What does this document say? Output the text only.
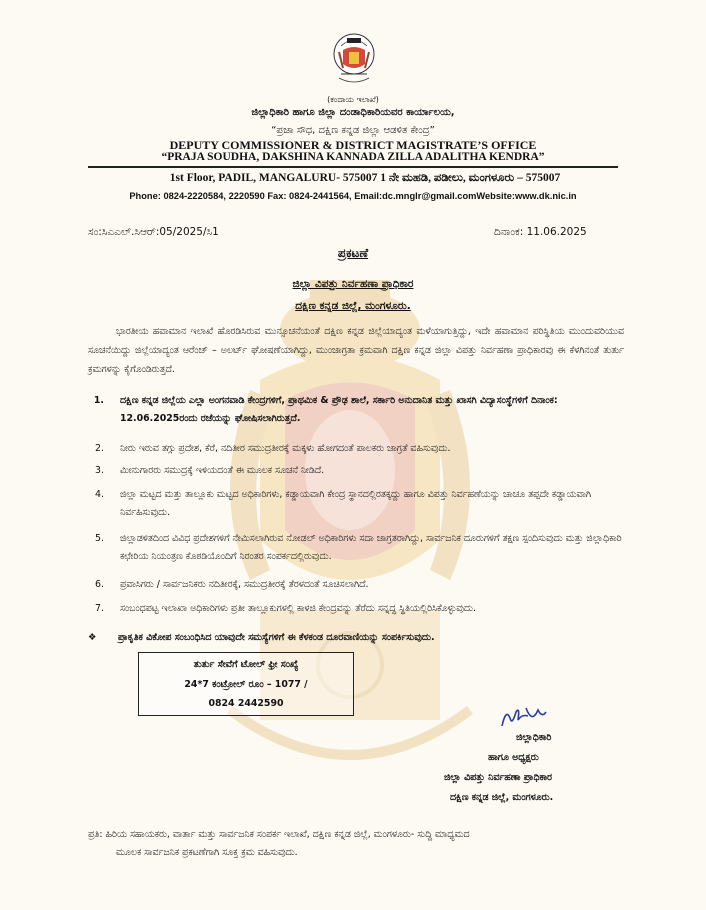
(ಕಂದಾಯ ಇಲಾಖೆ)
ಜಿಲ್ಲಾಧಿಕಾರಿ ಹಾಗೂ ಜಿಲ್ಲಾ ದಂಡಾಧಿಕಾರಿಯವರ ಕಾರ್ಯಾಲಯ,
“ಪ್ರಜಾ ಸೌಧ, ದಕ್ಷಿಣ ಕನ್ನಡ ಜಿಲ್ಲಾ ಆಡಳಿತ ಕೇಂದ್ರ”
DEPUTY COMMISSIONER & DISTRICT MAGISTRATE’S OFFICE
“PRAJA SOUDHA, DAKSHINA KANNADA ZILLA ADALITHA KENDRA”
1st Floor, PADIL, MANGALURU- 575007 1 ನೇ ಮಹಡಿ, ಪಡೀಲು, ಮಂಗಳೂರು – 575007
Phone: 0824-2220584, 2220590 Fax: 0824-2441564, Email:dc.mnglr@gmail.comWebsite:www.dk.nic.in
ಸಂ:ಸಿಎಎಲ್.ಸಿಆರ್:05/2025/ಸಿ1	ದಿನಾಂಕ: 11.06.2025
ಪ್ರಕಟಣೆ
ಜಿಲ್ಲಾ ವಿಪತ್ತು ನಿರ್ವಹಣಾ ಪ್ರಾಧಿಕಾರ
ದಕ್ಷಿಣ ಕನ್ನಡ ಜಿಲ್ಲೆ, ಮಂಗಳೂರು.
ಭಾರತೀಯ ಹವಾಮಾನ ಇಲಾಖೆ ಹೊರಡಿಸಿರುವ ಮುನ್ಸೂಚನೆಯಂತೆ ದಕ್ಷಿಣ ಕನ್ನಡ ಜಿಲ್ಲೆಯಾದ್ಯಂತ ಮಳೆಯಾಗುತ್ತಿದ್ದು, ಇದೇ ಹವಾಮಾನ ಪರಿಸ್ಥಿತಿಯ ಮುಂದುವರಿಯುವ ಸೂಚನೆಯಿದ್ದು ಜಿಲ್ಲೆಯಾದ್ಯಂತ ಆರೆಂಜ್ – ಅಲರ್ಟ್ ಘೋಷಣೆಯಾಗಿದ್ದು, ಮುಂಜಾಗ್ರತಾ ಕ್ರಮವಾಗಿ ದಕ್ಷಿಣ ಕನ್ನಡ ಜಿಲ್ಲಾ ವಿಪತ್ತು ನಿರ್ವಹಣಾ ಪ್ರಾಧಿಕಾರವು ಈ ಕೆಳಗಿನಂತೆ ತುರ್ತು ಕ್ರಮಗಳನ್ನು ಕೈಗೊಂಡಿರುತ್ತದೆ.
1. ದಕ್ಷಿಣ ಕನ್ನಡ ಜಿಲ್ಲೆಯ ಎಲ್ಲಾ ಅಂಗನವಾಡಿ ಕೇಂದ್ರಗಳಿಗೆ, ಪ್ರಾಥಮಿಕ & ಪ್ರೌಢ ಶಾಲೆ, ಸರ್ಕಾರಿ ಅನುದಾನಿತ ಮತ್ತು ಖಾಸಗಿ ವಿದ್ಯಾಸಂಸ್ಥೆಗಳಿಗೆ ದಿನಾಂಕ: 12.06.2025ರಂದು ರಜೆಯನ್ನು ಘೋಷಿಸಲಾಗಿರುತ್ತದೆ.
2. ನೀರು ಇರುವ ತಗ್ಗು ಪ್ರದೇಶ, ಕೆರೆ, ನದಿತೀರ ಸಮುದ್ರತೀರಕ್ಕೆ ಮಕ್ಕಳು ಹೋಗದಂತೆ ಪಾಲಕರು ಜಾಗ್ರತೆ ವಹಿಸುವುದು.
3. ಮೀನುಗಾರರು ಸಮುದ್ರಕ್ಕೆ ಇಳಿಯದಂತೆ ಈ ಮೂಲಕ ಸೂಚನೆ ನೀಡಿದೆ.
4. ಜಿಲ್ಲಾ ಮಟ್ಟದ ಮತ್ತು ತಾಲ್ಲೂಕು ಮಟ್ಟದ ಅಧಿಕಾರಿಗಳು, ಕಡ್ಡಾಯವಾಗಿ ಕೇಂದ್ರ ಸ್ಥಾನದಲ್ಲಿರತಕ್ಕದ್ದು ಹಾಗೂ ವಿಪತ್ತು ನಿರ್ವಹಣೆಯನ್ನು ಚಾಚೂ ತಪ್ಪದೇ ಕಡ್ಡಾಯವಾಗಿ ನಿರ್ವಹಿಸುವುದು.
5. ಜಿಲ್ಲಾಡಳಿತದಿಂದ ವಿವಿಧ ಪ್ರದೇಶಗಳಿಗೆ ನೇಮಿಸಲಾಗಿರುವ ನೋಡಲ್ ಅಧಿಕಾರಿಗಳು ಸದಾ ಜಾಗ್ರತರಾಗಿದ್ದು, ಸಾರ್ವಜನಿಕ ದೂರುಗಳಿಗೆ ತಕ್ಷಣ ಸ್ಪಂದಿಸುವುದು ಮತ್ತು ಜಿಲ್ಲಾಧಿಕಾರಿ ಕಛೇರಿಯ ನಿಯಂತ್ರಣ ಕೊಠಡಿಯೊಂದಿಗೆ ನಿರಂತರ ಸಂಪರ್ಕದಲ್ಲಿರುವುದು.
6. ಪ್ರವಾಸಿಗರು / ಸಾರ್ವಜನಿಕರು ನದಿತೀರಕ್ಕೆ, ಸಮುದ್ರತೀರಕ್ಕೆ ತೆರಳದಂತೆ ಸೂಚಿಸಲಾಗಿದೆ.
7. ಸಂಬಂಧಪಟ್ಟ ಇಲಾಖಾ ಅಧಿಕಾರಿಗಳು ಪ್ರತೀ ತಾಲ್ಲೂಕುಗಳಲ್ಲಿ ಕಾಳಜಿ ಕೇಂದ್ರವನ್ನು ತೆರೆದು ಸನ್ನದ್ಧ ಸ್ಥಿತಿಯಲ್ಲಿರಿಸಿಕೊಳ್ಳುವುದು.
❖ ಪ್ರಾಕೃತಿಕ ವಿಕೋಪ ಸಂಬಂಧಿಸಿದ ಯಾವುದೇ ಸಮಸ್ಯೆಗಳಿಗೆ ಈ ಕೆಳಕಂಡ ದೂರವಾಣಿಯನ್ನು ಸಂಪರ್ಕಿಸುವುದು.
ತುರ್ತು ಸೇವೆಗೆ ಟೋಲ್ ಫ್ರೀ ಸಂಖ್ಯೆ
24*7 ಕಂಟ್ರೋಲ್ ರೂಂ – 1077 /
0824 2442590
ಜಿಲ್ಲಾಧಿಕಾರಿ
ಹಾಗೂ ಅಧ್ಯಕ್ಷರು
ಜಿಲ್ಲಾ ವಿಪತ್ತು ನಿರ್ವಹಣಾ ಪ್ರಾಧಿಕಾರ
ದಕ್ಷಿಣ ಕನ್ನಡ ಜಿಲ್ಲೆ, ಮಂಗಳೂರು.
ಪ್ರತಿ: ಹಿರಿಯ ಸಹಾಯಕರು, ವಾರ್ತಾ ಮತ್ತು ಸಾರ್ವಜನಿಕ ಸಂಪರ್ಕ ಇಲಾಖೆ, ದಕ್ಷಿಣ ಕನ್ನಡ ಜಿಲ್ಲೆ, ಮಂಗಳೂರು- ಸುದ್ದಿ ಮಾಧ್ಯಮದ
ಮೂಲಕ ಸಾರ್ವಜನಿಕ ಪ್ರಕಟಣೆಗಾಗಿ ಸೂಕ್ತ ಕ್ರಮ ವಹಿಸುವುದು.
